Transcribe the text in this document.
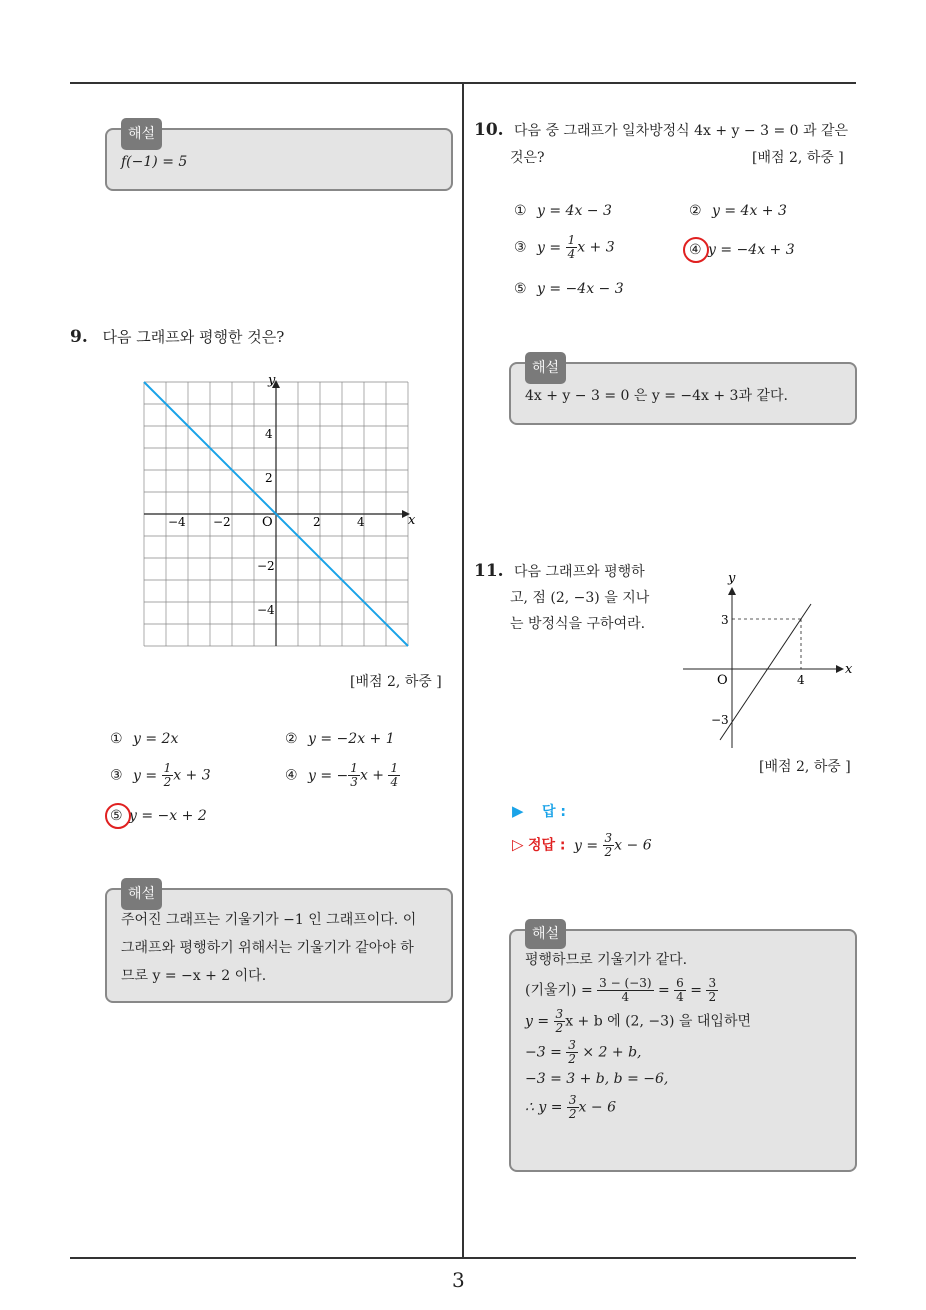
3
해설
f(−1) = 5
9. 다음 그래프와 평행한 것은?
y
x
O
−4 −2	2	4
4
2
−2
−4
[배점 2, 하중 ]
① y = 2x	② y = −2x + 1
③ $y = \frac{1}{2}$ x + 3	④ y = − $\frac{1}{3}$ $x + \frac{1}{4}$
⑤ y = −x + 2
해설
주어진 그래프는 기울기가 −1 인 그래프이다. 이
그래프와 평행하기 위해서는 기울기가 같아야 하
므로 y = −x + 2 이다.
10. 다음 중 그래프가 일차방정식 4x + y − 3 = 0 과 같은
것은?	[배점 2, 하중 ]
① y = 4x − 3	② y = 4x + 3
③ $y = \frac{1}{4}$ x + 3	④ y = −4x + 3
⑤ y = −4x − 3
해설
4x + y − 3 = 0 은 y = −4x + 3과 같다.
11. 다음 그래프와 평행하
고, 점 (2, −3) 을 지나
는 방정식을 구하여라.
y
x
O	4
3
−3
[배점 2, 하중 ]
▶ 답 :
▷ 정답 : $y = \frac{3}{2}$ x − 6
해설
평행하므로 기울기가 같다.
(기울기) = $\frac{3 - (-3)}{4} = \frac{6}{4} = \frac{3}{2}$
$y = \frac{3}{2}$ x + b 에 (2, −3) 을 대입하면
$-3 = \frac{3}{2} \times 2 + b$,
−3 = 3 + b, b = −6,
∴ $y = \frac{3}{2}$ x − 6
